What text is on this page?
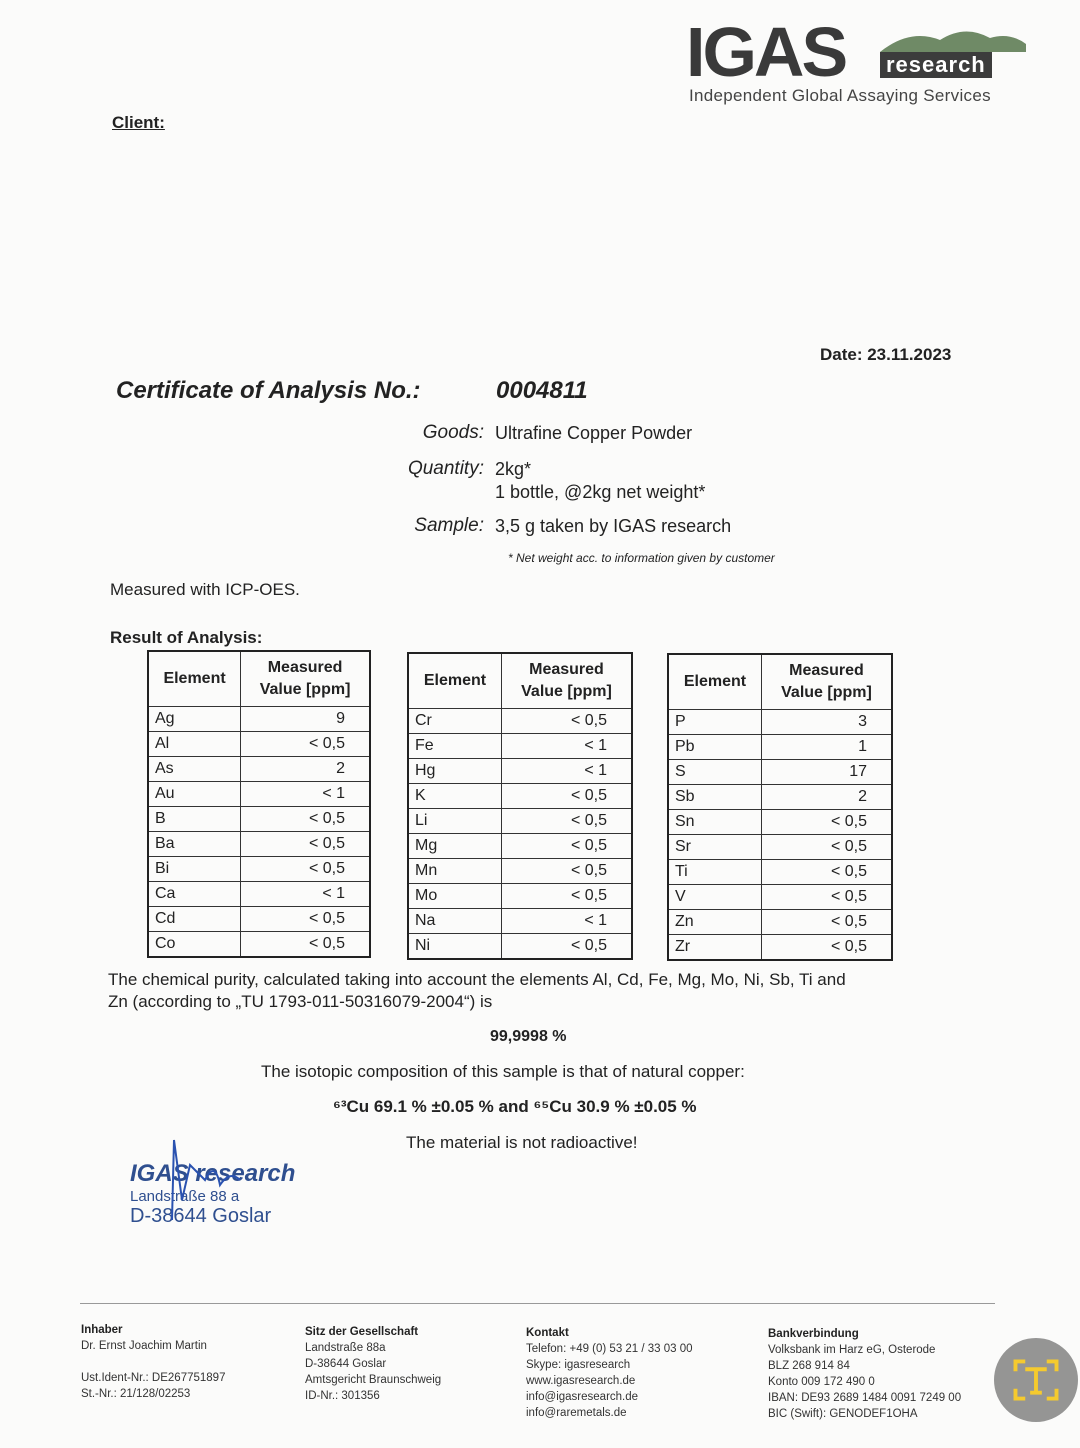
IGAS research
Independent Global Assaying Services
Client:
Date: 23.11.2023
Certificate of Analysis No.:	0004811
Goods: Ultrafine Copper Powder
Quantity: 2kg*
1 bottle, @2kg net weight*
Sample: 3,5 g taken by IGAS research
* Net weight acc. to information given by customer
Measured with ICP-OES.
Result of Analysis:
Element	Measured
Value [ppm]
Ag	9
Al	< 0,5
As	2
Au	< 1
B	< 0,5
Ba	< 0,5
Bi	< 0,5
Ca	< 1
Cd	< 0,5
Co	< 0,5
Element	Measured
Value [ppm]
Cr	< 0,5
Fe	< 1
Hg	< 1
K	< 0,5
Li	< 0,5
Mg	< 0,5
Mn	< 0,5
Mo	< 0,5
Na	< 1
Ni	< 0,5
Element	Measured
Value [ppm]
P	3
Pb	1
S	17
Sb	2
Sn	< 0,5
Sr	< 0,5
Ti	< 0,5
V	< 0,5
Zn	< 0,5
Zr	< 0,5
The chemical purity, calculated taking into account the elements Al, Cd, Fe, Mg, Mo, Ni, Sb, Ti and
Zn (according to „TU 1793-011-50316079-2004“) is
99,9998 %
The isotopic composition of this sample is that of natural copper:
⁶³Cu 69.1 % ±0.05 % and ⁶⁵Cu 30.9 % ±0.05 %
The material is not radioactive!
IGAS research
Landstraße 88 a
D-38644 Goslar
Inhaber
Dr. Ernst Joachim Martin
Ust.Ident-Nr.: DE267751897
St.-Nr.: 21/128/02253
Sitz der Gesellschaft
Landstraße 88a
D-38644 Goslar
Amtsgericht Braunschweig
ID-Nr.: 301356
Kontakt
Telefon: +49 (0) 53 21 / 33 03 00
Skype: igasresearch
www.igasresearch.de
info@igasresearch.de
info@raremetals.de
Bankverbindung
Volksbank im Harz eG, Osterode
BLZ 268 914 84
Konto 009 172 490 0
IBAN: DE93 2689 1484 0091 7249 00
BIC (Swift): GENODEF1OHA
